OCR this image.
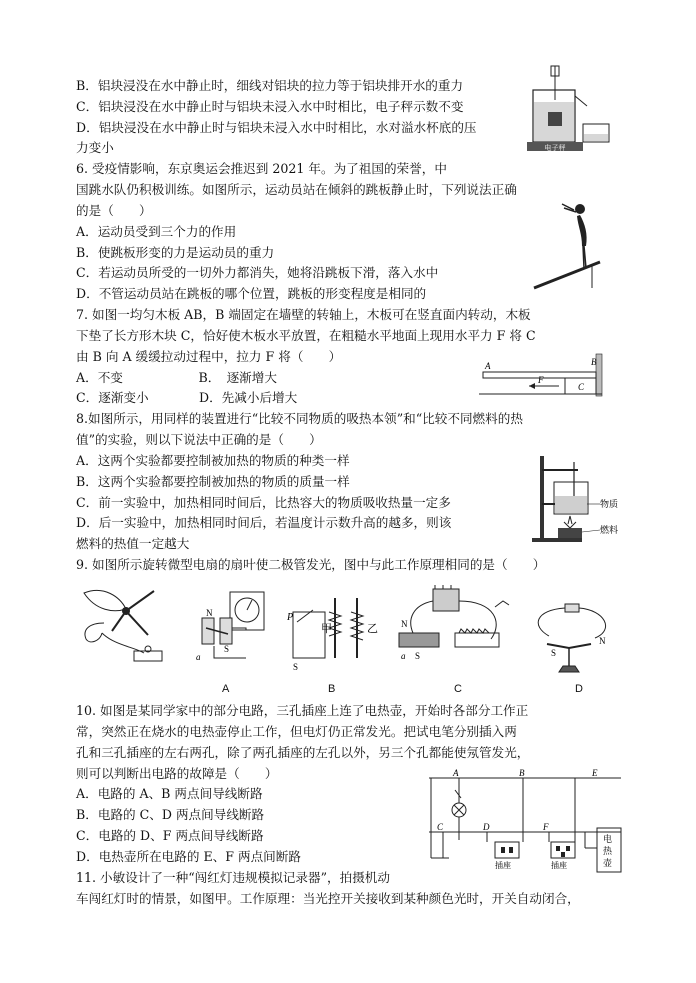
B．铝块浸没在水中静止时，细线对铝块的拉力等于铝块排开水的重力
C．铝块浸没在水中静止时与铝块未浸入水中时相比，电子秤示数不变
D．铝块浸没在水中静止时与铝块未浸入水中时相比，水对溢水杯底的压
力变小	电子秤
6. 受疫情影响，东京奥运会推迟到 2021 年。为了祖国的荣誉，中
国跳水队仍积极训练。如图所示，运动员站在倾斜的跳板静止时，下列说法正确
的是（　　）
A．运动员受到三个力的作用
B．使跳板形变的力是运动员的重力
C．若运动员所受的一切外力都消失，她将沿跳板下滑，落入水中
D．不管运动员站在跳板的哪个位置，跳板的形变程度是相同的
7. 如图一均匀木板 AB，B 端固定在墙壁的转轴上，木板可在竖直面内转动，木板
下垫了长方形木块 C，恰好使木板水平放置，在粗糙水平地面上现用水平力 F 将 C
由 B 向 A 缓缓拉动过程中，拉力 F 将（　　）
A．不变　　　　　　B．　逐渐增大
C．逐渐变小　　　　D．先减小后增大
A	B
C
F
8.如图所示，用同样的装置进行“比较不同物质的吸热本领”和“比较不同燃料的热
值”的实验，则以下说法中正确的是（　　）
A．这两个实验都要控制被加热的物质的种类一样
B．这两个实验都要控制被加热的物质的质量一样
C．前一实验中，加热相同时间后，比热容大的物质吸收热量一定多
D．后一实验中，加热相同时间后，若温度计示数升高的越多，则该
燃料的热值一定越大
物质
燃料
9. 如图所示旋转微型电扇的扇叶使二极管发光，图中与此工作原理相同的是（　　）
N
a
S
P
甲	乙
S
N
a S	S
N
A	B	C	D
10. 如图是某同学家中的部分电路，三孔插座上连了电热壶，开始时各部分工作正
常，突然正在烧水的电热壶停止工作，但电灯仍正常发光。把试电笔分别插入两
孔和三孔插座的左右两孔，除了两孔插座的左孔以外，另三个孔都能使氖管发光，
则可以判断出电路的故障是（　　）
A．电路的 A、B 两点间导线断路
B．电路的 C、D 两点间导线断路
C．电路的 D、F 两点间导线断路
D．电热壶所在电路的 E、F 两点间断路
A	B	E
C	D	F
插座	插座
电
热
壶
11. 小敏设计了一种“闯红灯违规模拟记录器”，拍摄机动
车闯红灯时的情景，如图甲。工作原理：当光控开关接收到某种颜色光时，开关自动闭合，
